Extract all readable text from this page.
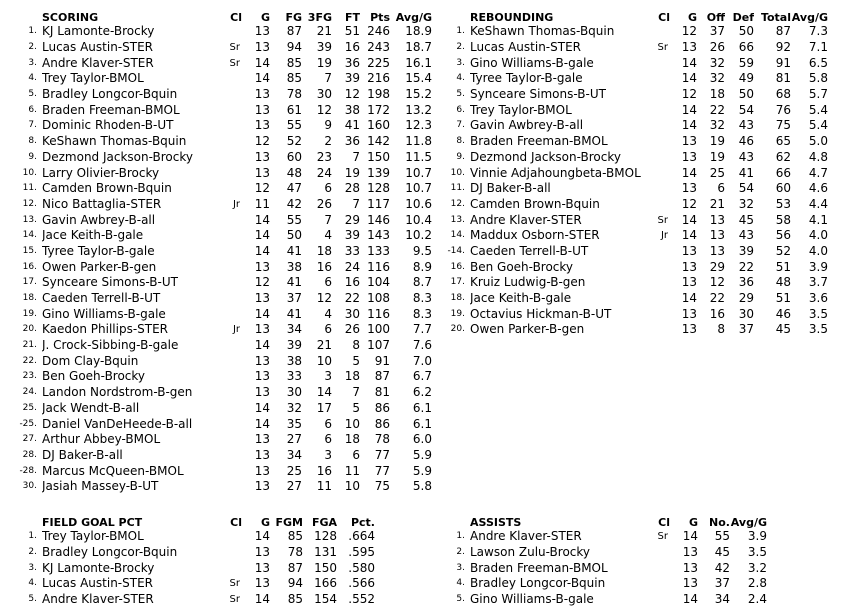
	SCORING	Cl	G	FG	3FG	FT	Pts	Avg/G
1.	KJ Lamonte-Brocky		13	87	21	51	246	18.9
2.	Lucas Austin-STER	Sr	13	94	39	16	243	18.7
3.	Andre Klaver-STER	Sr	14	85	19	36	225	16.1
4.	Trey Taylor-BMOL		14	85	7	39	216	15.4
5.	Bradley Longcor-Bquin		13	78	30	12	198	15.2
6.	Braden Freeman-BMOL		13	61	12	38	172	13.2
7.	Dominic Rhoden-B-UT		13	55	9	41	160	12.3
8.	KeShawn Thomas-Bquin		12	52	2	36	142	11.8
9.	Dezmond Jackson-Brocky		13	60	23	7	150	11.5
10.	Larry Olivier-Brocky		13	48	24	19	139	10.7
11.	Camden Brown-Bquin		12	47	6	28	128	10.7
12.	Nico Battaglia-STER	Jr	11	42	26	7	117	10.6
13.	Gavin Awbrey-B-all		14	55	7	29	146	10.4
14.	Jace Keith-B-gale		14	50	4	39	143	10.2
15.	Tyree Taylor-B-gale		14	41	18	33	133	9.5
16.	Owen Parker-B-gen		13	38	16	24	116	8.9
17.	Synceare Simons-B-UT		12	41	6	16	104	8.7
18.	Caeden Terrell-B-UT		13	37	12	22	108	8.3
19.	Gino Williams-B-gale		14	41	4	30	116	8.3
20.	Kaedon Phillips-STER	Jr	13	34	6	26	100	7.7
21.	J. Crock-Sibbing-B-gale		14	39	21	8	107	7.6
22.	Dom Clay-Bquin		13	38	10	5	91	7.0
23.	Ben Goeh-Brocky		13	33	3	18	87	6.7
24.	Landon Nordstrom-B-gen		13	30	14	7	81	6.2
25.	Jack Wendt-B-all		14	32	17	5	86	6.1
-25.	Daniel VanDeHeede-B-all		14	35	6	10	86	6.1
27.	Arthur Abbey-BMOL		13	27	6	18	78	6.0
28.	DJ Baker-B-all		13	34	3	6	77	5.9
-28.	Marcus McQueen-BMOL		13	25	16	11	77	5.9
30.	Jasiah Massey-B-UT		13	27	11	10	75	5.8
	REBOUNDING	Cl	G	Off	Def	Total	Avg/G
1.	KeShawn Thomas-Bquin		12	37	50	87	7.3
2.	Lucas Austin-STER	Sr	13	26	66	92	7.1
3.	Gino Williams-B-gale		14	32	59	91	6.5
4.	Tyree Taylor-B-gale		14	32	49	81	5.8
5.	Synceare Simons-B-UT		12	18	50	68	5.7
6.	Trey Taylor-BMOL		14	22	54	76	5.4
7.	Gavin Awbrey-B-all		14	32	43	75	5.4
8.	Braden Freeman-BMOL		13	19	46	65	5.0
9.	Dezmond Jackson-Brocky		13	19	43	62	4.8
10.	Vinnie Adjahoungbeta-BMOL		14	25	41	66	4.7
11.	DJ Baker-B-all		13	6	54	60	4.6
12.	Camden Brown-Bquin		12	21	32	53	4.4
13.	Andre Klaver-STER	Sr	14	13	45	58	4.1
14.	Maddux Osborn-STER	Jr	14	13	43	56	4.0
-14.	Caeden Terrell-B-UT		13	13	39	52	4.0
16.	Ben Goeh-Brocky		13	29	22	51	3.9
17.	Kruiz Ludwig-B-gen		13	12	36	48	3.7
18.	Jace Keith-B-gale		14	22	29	51	3.6
19.	Octavius Hickman-B-UT		13	16	30	46	3.5
20.	Owen Parker-B-gen		13	8	37	45	3.5
	FIELD GOAL PCT	Cl	G	FGM	FGA	Pct.
1.	Trey Taylor-BMOL		14	85	128	.664
2.	Bradley Longcor-Bquin		13	78	131	.595
3.	KJ Lamonte-Brocky		13	87	150	.580
4.	Lucas Austin-STER	Sr	13	94	166	.566
5.	Andre Klaver-STER	Sr	14	85	154	.552
	ASSISTS	Cl	G	No.	Avg/G
1.	Andre Klaver-STER	Sr	14	55	3.9
2.	Lawson Zulu-Brocky		13	45	3.5
3.	Braden Freeman-BMOL		13	42	3.2
4.	Bradley Longcor-Bquin		13	37	2.8
5.	Gino Williams-B-gale		14	34	2.4
